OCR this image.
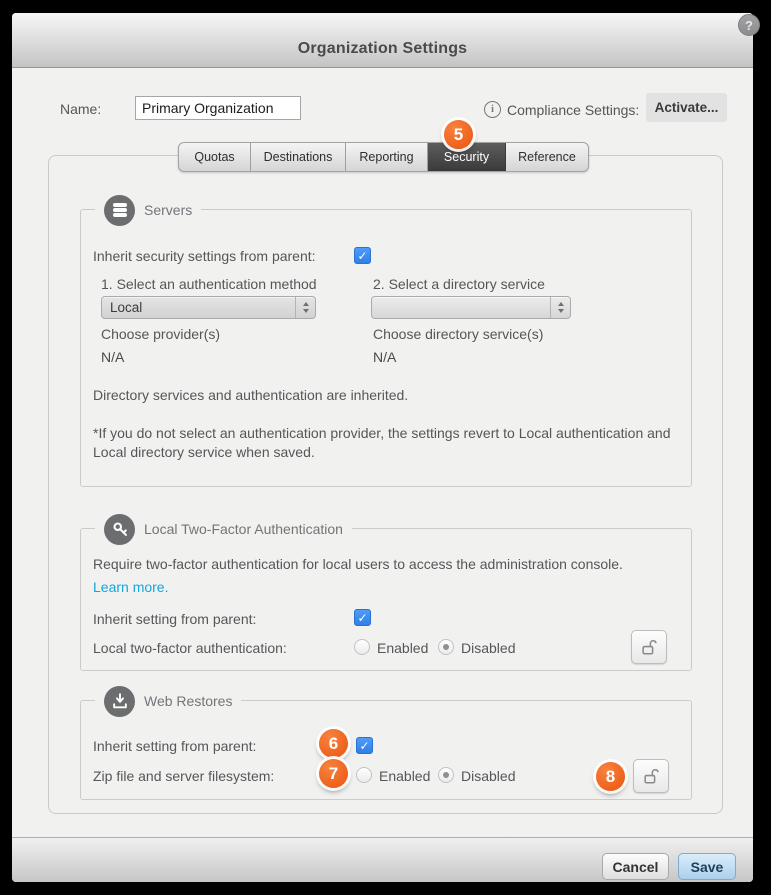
Organization Settings
?
Name:
Primary Organization	i Compliance Settings:	Activate...
Quotas	Destinations	Reporting	Security	Reference
5
Servers
Inherit security settings from parent:	✓
1. Select an authentication method	2. Select a directory service
Local
Choose provider(s)	Choose directory service(s)
N/A	N/A
Directory services and authentication are inherited.
*If you do not select an authentication provider, the settings revert to Local authentication and Local directory service when saved.
Local Two-Factor Authentication
Require two-factor authentication for local users to access the administration console.
Learn more.
Inherit setting from parent:	✓
Local two-factor authentication:	Enabled Disabled
Web Restores
Inherit setting from parent:	6	✓
Zip file and server filesystem:	7	Enabled Disabled	8
Cancel	Save
